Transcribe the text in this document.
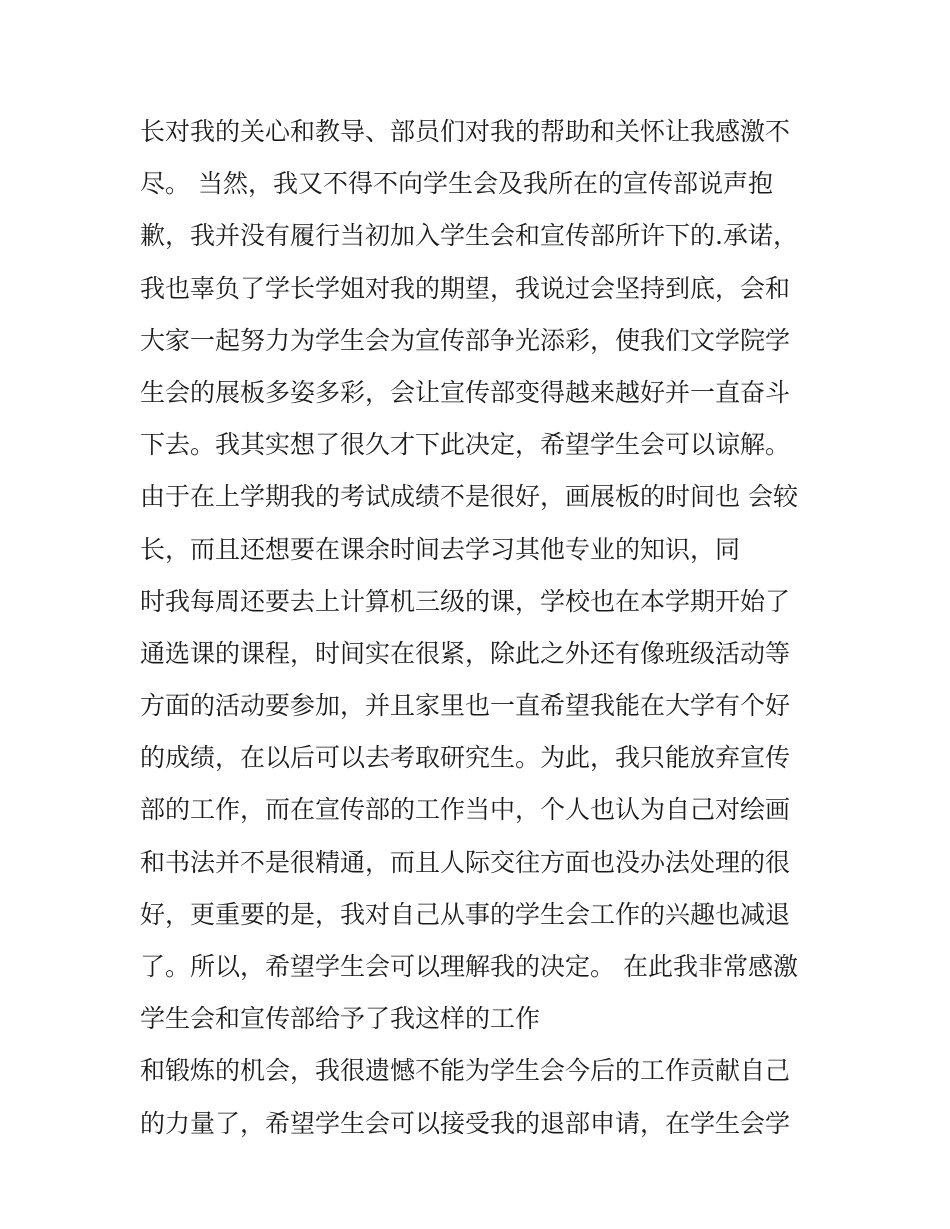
长对我的关心和教导、部员们对我的帮助和关怀让我感激不
尽。 当然，我又不得不向学生会及我所在的宣传部说声抱
歉，我并没有履行当初加入学生会和宣传部所许下的.承诺，
我也辜负了学长学姐对我的期望，我说过会坚持到底，会和
大家一起努力为学生会为宣传部争光添彩，使我们文学院学
生会的展板多姿多彩，会让宣传部变得越来越好并一直奋斗
下去。我其实想了很久才下此决定，希望学生会可以谅解。
由于在上学期我的考试成绩不是很好，画展板的时间也 会较
长，而且还想要在课余时间去学习其他专业的知识，同
时我每周还要去上计算机三级的课，学校也在本学期开始了
通选课的课程，时间实在很紧，除此之外还有像班级活动等
方面的活动要参加，并且家里也一直希望我能在大学有个好
的成绩，在以后可以去考取研究生。为此，我只能放弃宣传
部的工作，而在宣传部的工作当中，个人也认为自己对绘画
和书法并不是很精通，而且人际交往方面也没办法处理的很
好，更重要的是，我对自己从事的学生会工作的兴趣也减退
了。所以，希望学生会可以理解我的决定。 在此我非常感激
学生会和宣传部给予了我这样的工作
和锻炼的机会，我很遗憾不能为学生会今后的工作贡献自己
的力量了，希望学生会可以接受我的退部申请，在学生会学
